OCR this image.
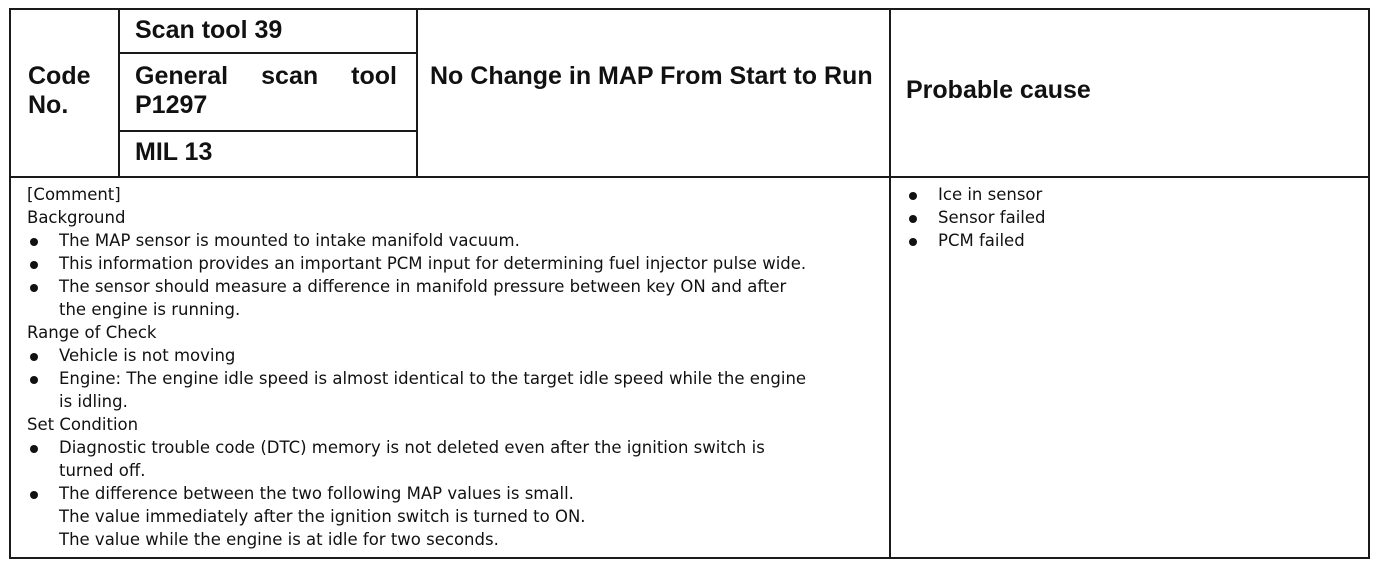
Code No.
Scan tool 39
General scan tool P1297
MIL 13
No Change in MAP From Start to Run Probable cause
[Comment]
Background
The MAP sensor is mounted to intake manifold vacuum.
This information provides an important PCM input for determining fuel injector pulse wide.
The sensor should measure a difference in manifold pressure between key ON and after
the engine is running.
Range of Check
Vehicle is not moving
Engine: The engine idle speed is almost identical to the target idle speed while the engine
is idling.
Set Condition
Diagnostic trouble code (DTC) memory is not deleted even after the ignition switch is
turned off.
The difference between the two following MAP values is small.
The value immediately after the ignition switch is turned to ON.
The value while the engine is at idle for two seconds.
Ice in sensor
Sensor failed
PCM failed
